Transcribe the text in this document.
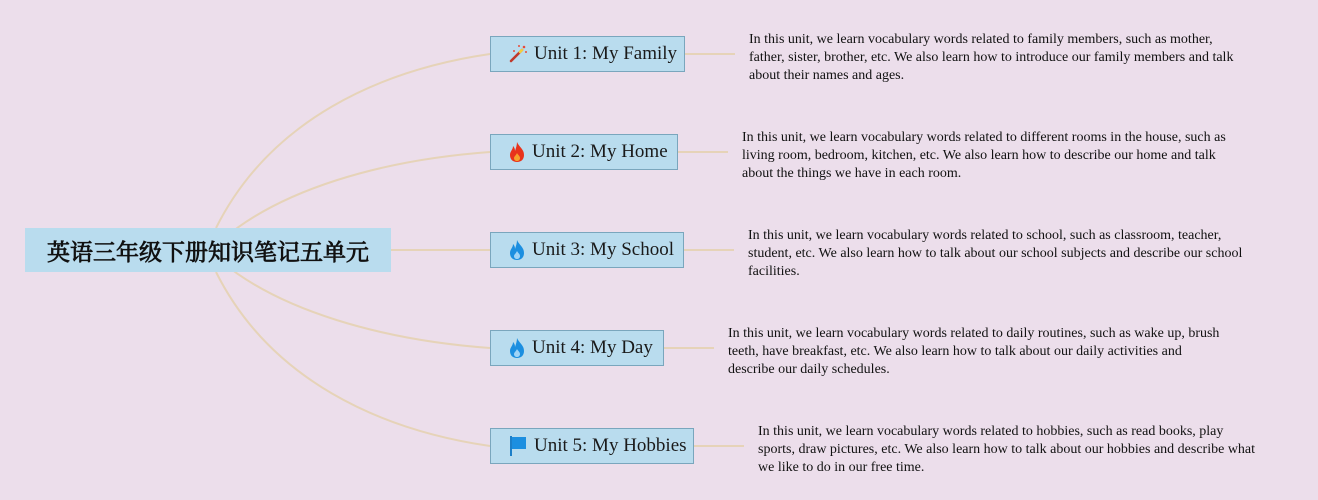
英语三年级下册知识笔记五单元
Unit 1: My Family
In this unit, we learn vocabulary words related to family members, such as mother, father, sister, brother, etc. We also learn how to introduce our family members and talk about their names and ages.
Unit 2: My Home
In this unit, we learn vocabulary words related to different rooms in the house, such as living room, bedroom, kitchen, etc. We also learn how to describe our home and talk about the things we have in each room.
Unit 3: My School
In this unit, we learn vocabulary words related to school, such as classroom, teacher, student, etc. We also learn how to talk about our school subjects and describe our school facilities.
Unit 4: My Day
In this unit, we learn vocabulary words related to daily routines, such as wake up, brush teeth, have breakfast, etc. We also learn how to talk about our daily activities and describe our daily schedules.
Unit 5: My Hobbies
In this unit, we learn vocabulary words related to hobbies, such as read books, play sports, draw pictures, etc. We also learn how to talk about our hobbies and describe what we like to do in our free time.
